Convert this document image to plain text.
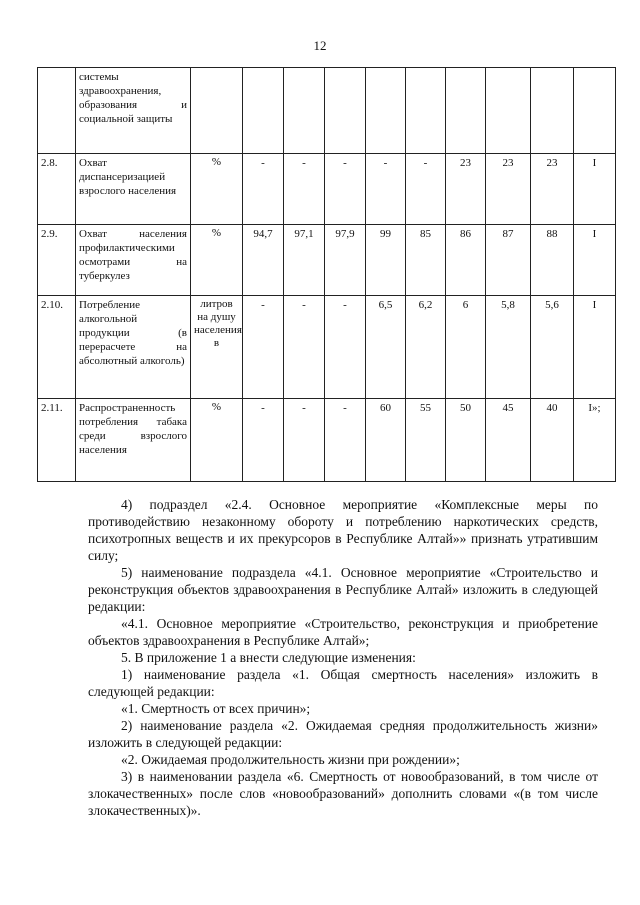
12
	системы здравоохранения, образования и социальной защиты										
2.8.	Охват диспансеризацией взрослого населения	%	-	-	-	-	-	23	23	23	I
2.9.	Охват населения профилактическими осмотрами на туберкулез	%	94,7	97,1	97,9	99	85	86	87	88	I
2.10.	Потребление алкогольной продукции (в перерасчете на абсолютный алкоголь)	литров на душу населения в	-	-	-	6,5	6,2	6	5,8	5,6	I
2.11.	Распространенность потребления табака среди взрослого населения	%	-	-	-	60	55	50	45	40	I»;

4) подраздел «2.4. Основное мероприятие «Комплексные меры по противодействию незаконному обороту и потреблению наркотических средств, психотропных веществ и их прекурсоров в Республике Алтай»» признать утратившим силу;

5) наименование подраздела «4.1. Основное мероприятие «Строительство и реконструкция объектов здравоохранения в Республике Алтай» изложить в следующей редакции:

«4.1. Основное мероприятие «Строительство, реконструкция и приобретение объектов здравоохранения в Республике Алтай»;

5. В приложение 1 а внести следующие изменения:

1) наименование раздела «1. Общая смертность населения» изложить в следующей редакции:

«1. Смертность от всех причин»;

2) наименование раздела «2. Ожидаемая средняя продолжительность жизни» изложить в следующей редакции:

«2. Ожидаемая продолжительность жизни при рождении»;

3) в наименовании раздела «6. Смертность от новообразований, в том числе от злокачественных» после слов «новообразований» дополнить словами «(в том числе злокачественных)».
